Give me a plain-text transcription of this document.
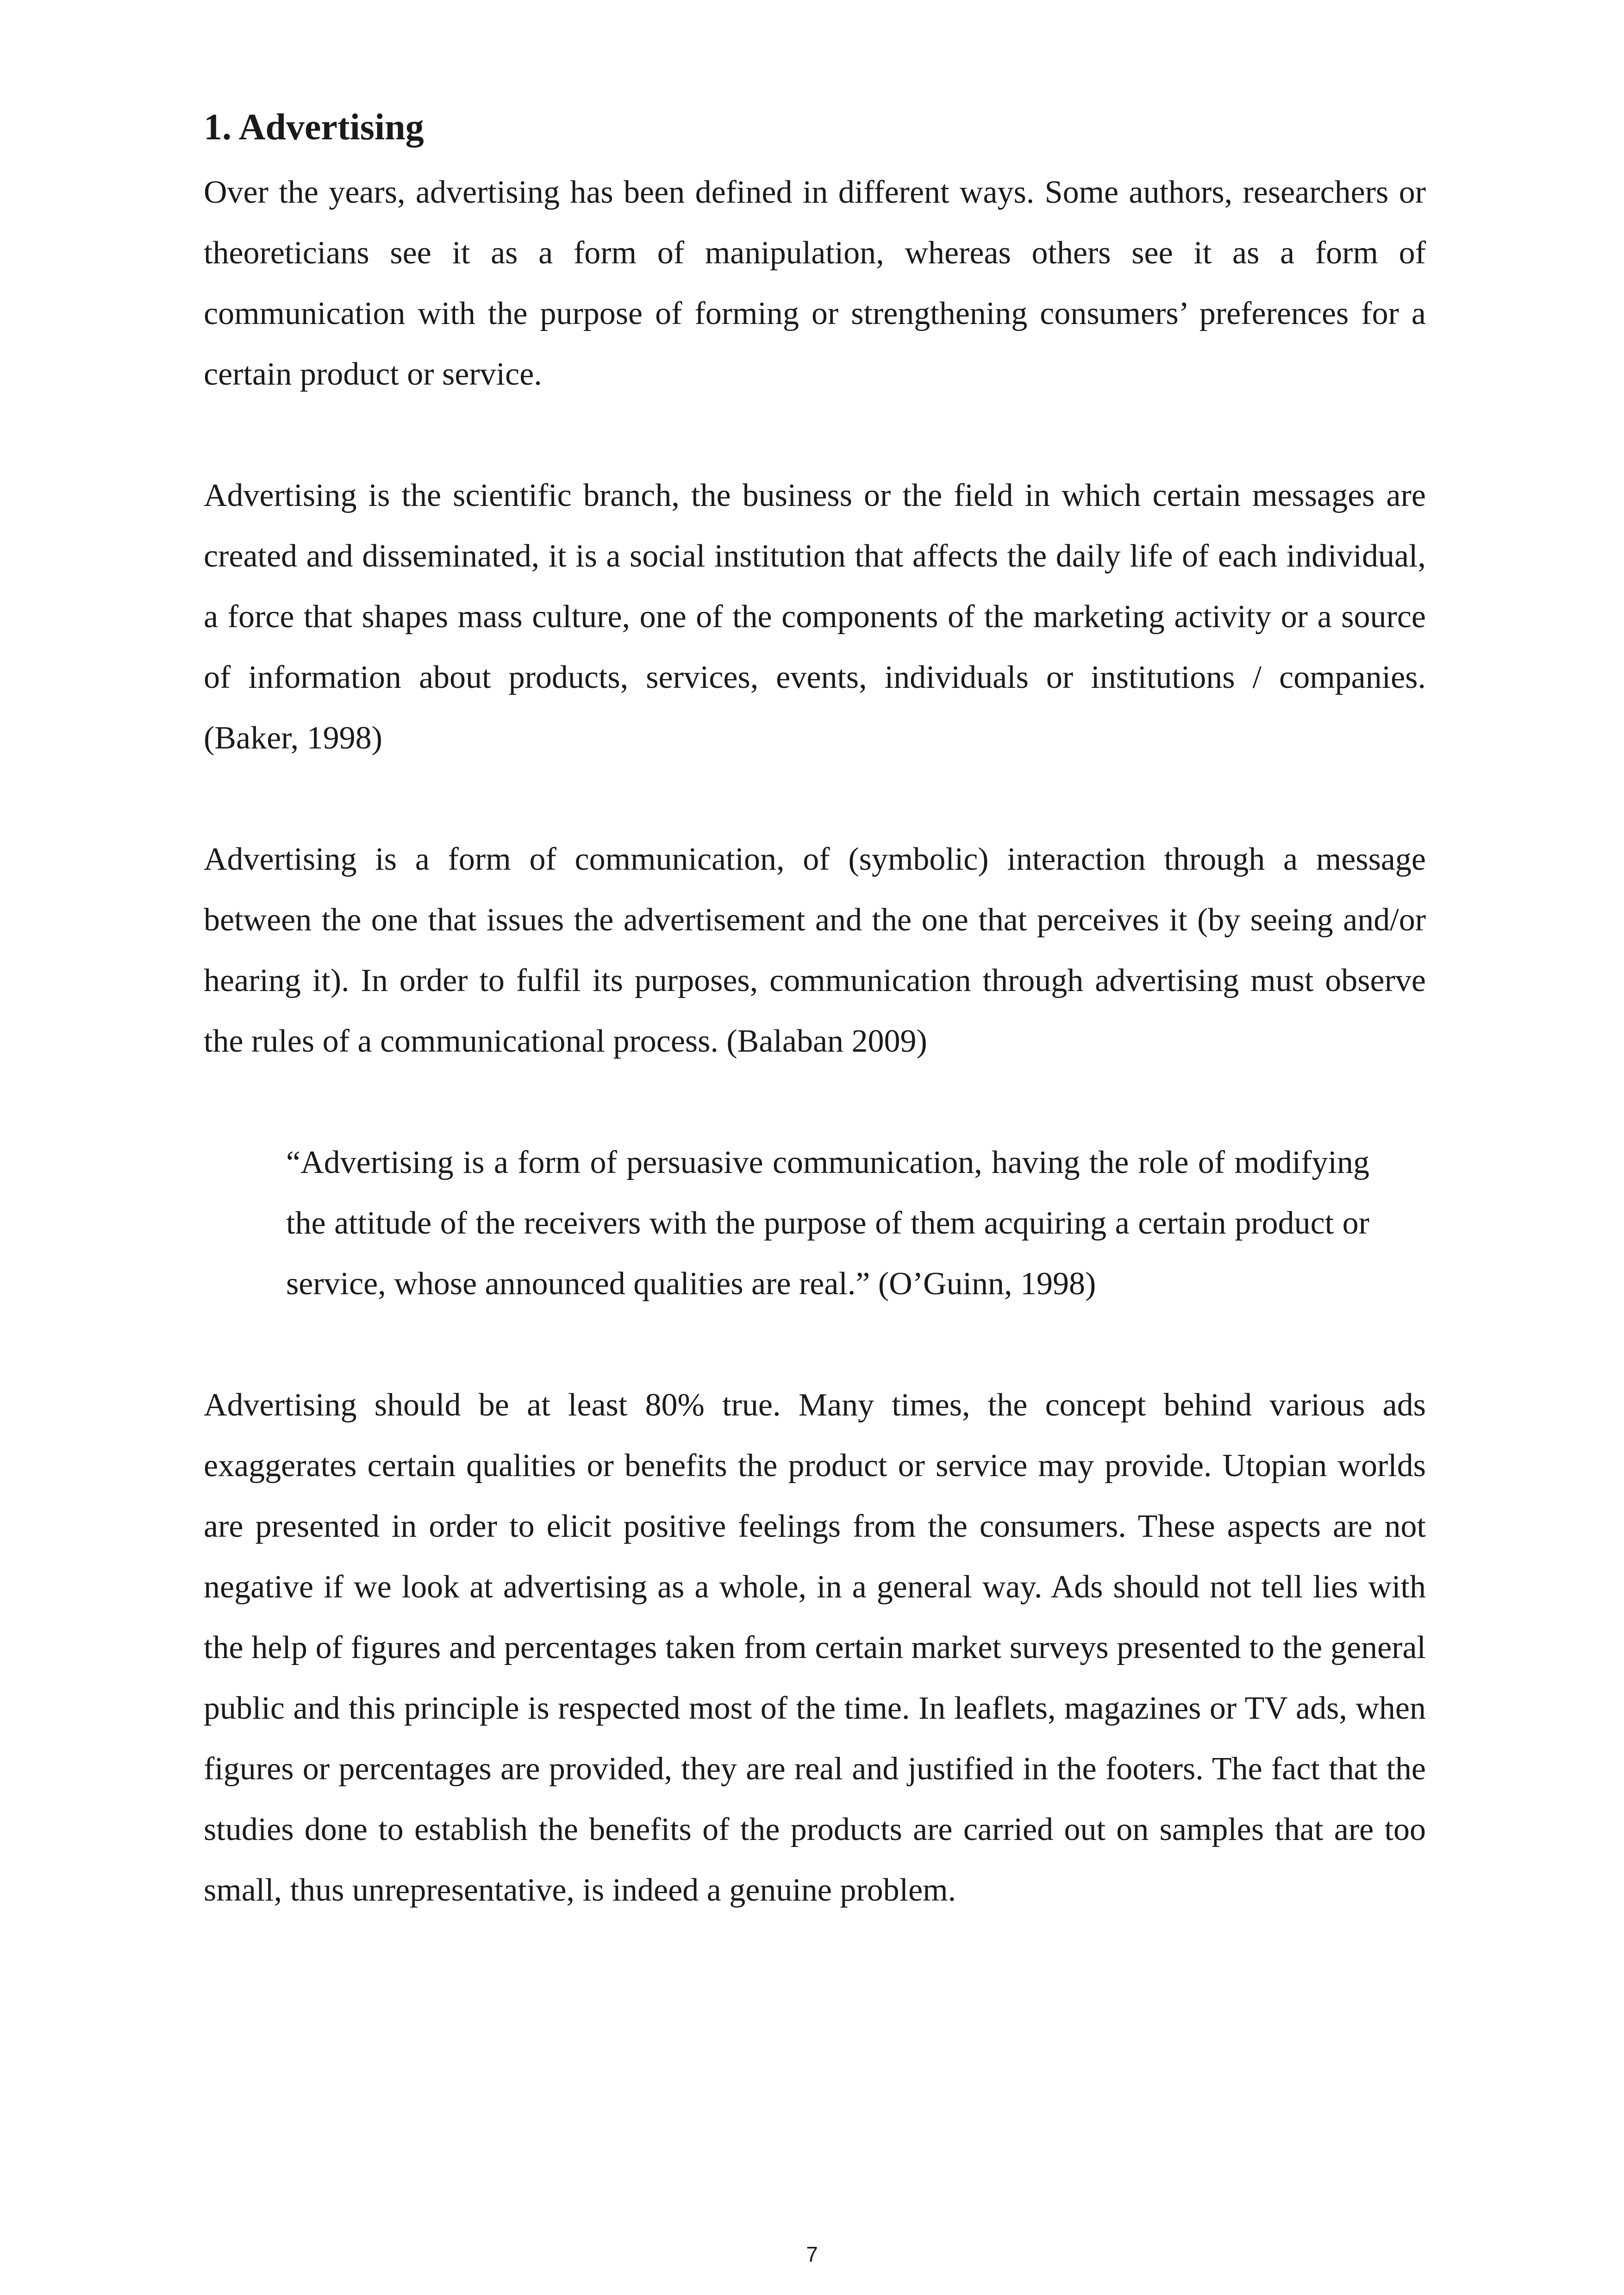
1. Advertising

Over the years, advertising has been defined in different ways. Some authors, researchers or theoreticians see it as a form of manipulation, whereas others see it as a form of communication with the purpose of forming or strengthening consumers’ preferences for a certain product or service.

Advertising is the scientific branch, the business or the field in which certain messages are created and disseminated, it is a social institution that affects the daily life of each individual, a force that shapes mass culture, one of the components of the marketing activity or a source of information about products, services, events, individuals or institutions / companies. (Baker, 1998)

Advertising is a form of communication, of (symbolic) interaction through a message between the one that issues the advertisement and the one that perceives it (by seeing and/or hearing it). In order to fulfil its purposes, communication through advertising must observe the rules of a communicational process. (Balaban 2009)

“Advertising is a form of persuasive communication, having the role of modifying the attitude of the receivers with the purpose of them acquiring a certain product or service, whose announced qualities are real.” (O’Guinn, 1998)

Advertising should be at least 80% true. Many times, the concept behind various ads exaggerates certain qualities or benefits the product or service may provide. Utopian worlds are presented in order to elicit positive feelings from the consumers. These aspects are not negative if we look at advertising as a whole, in a general way. Ads should not tell lies with the help of figures and percentages taken from certain market surveys presented to the general public and this principle is respected most of the time. In leaflets, magazines or TV ads, when figures or percentages are provided, they are real and justified in the footers. The fact that the studies done to establish the benefits of the products are carried out on samples that are too small, thus unrepresentative, is indeed a genuine problem.

7
